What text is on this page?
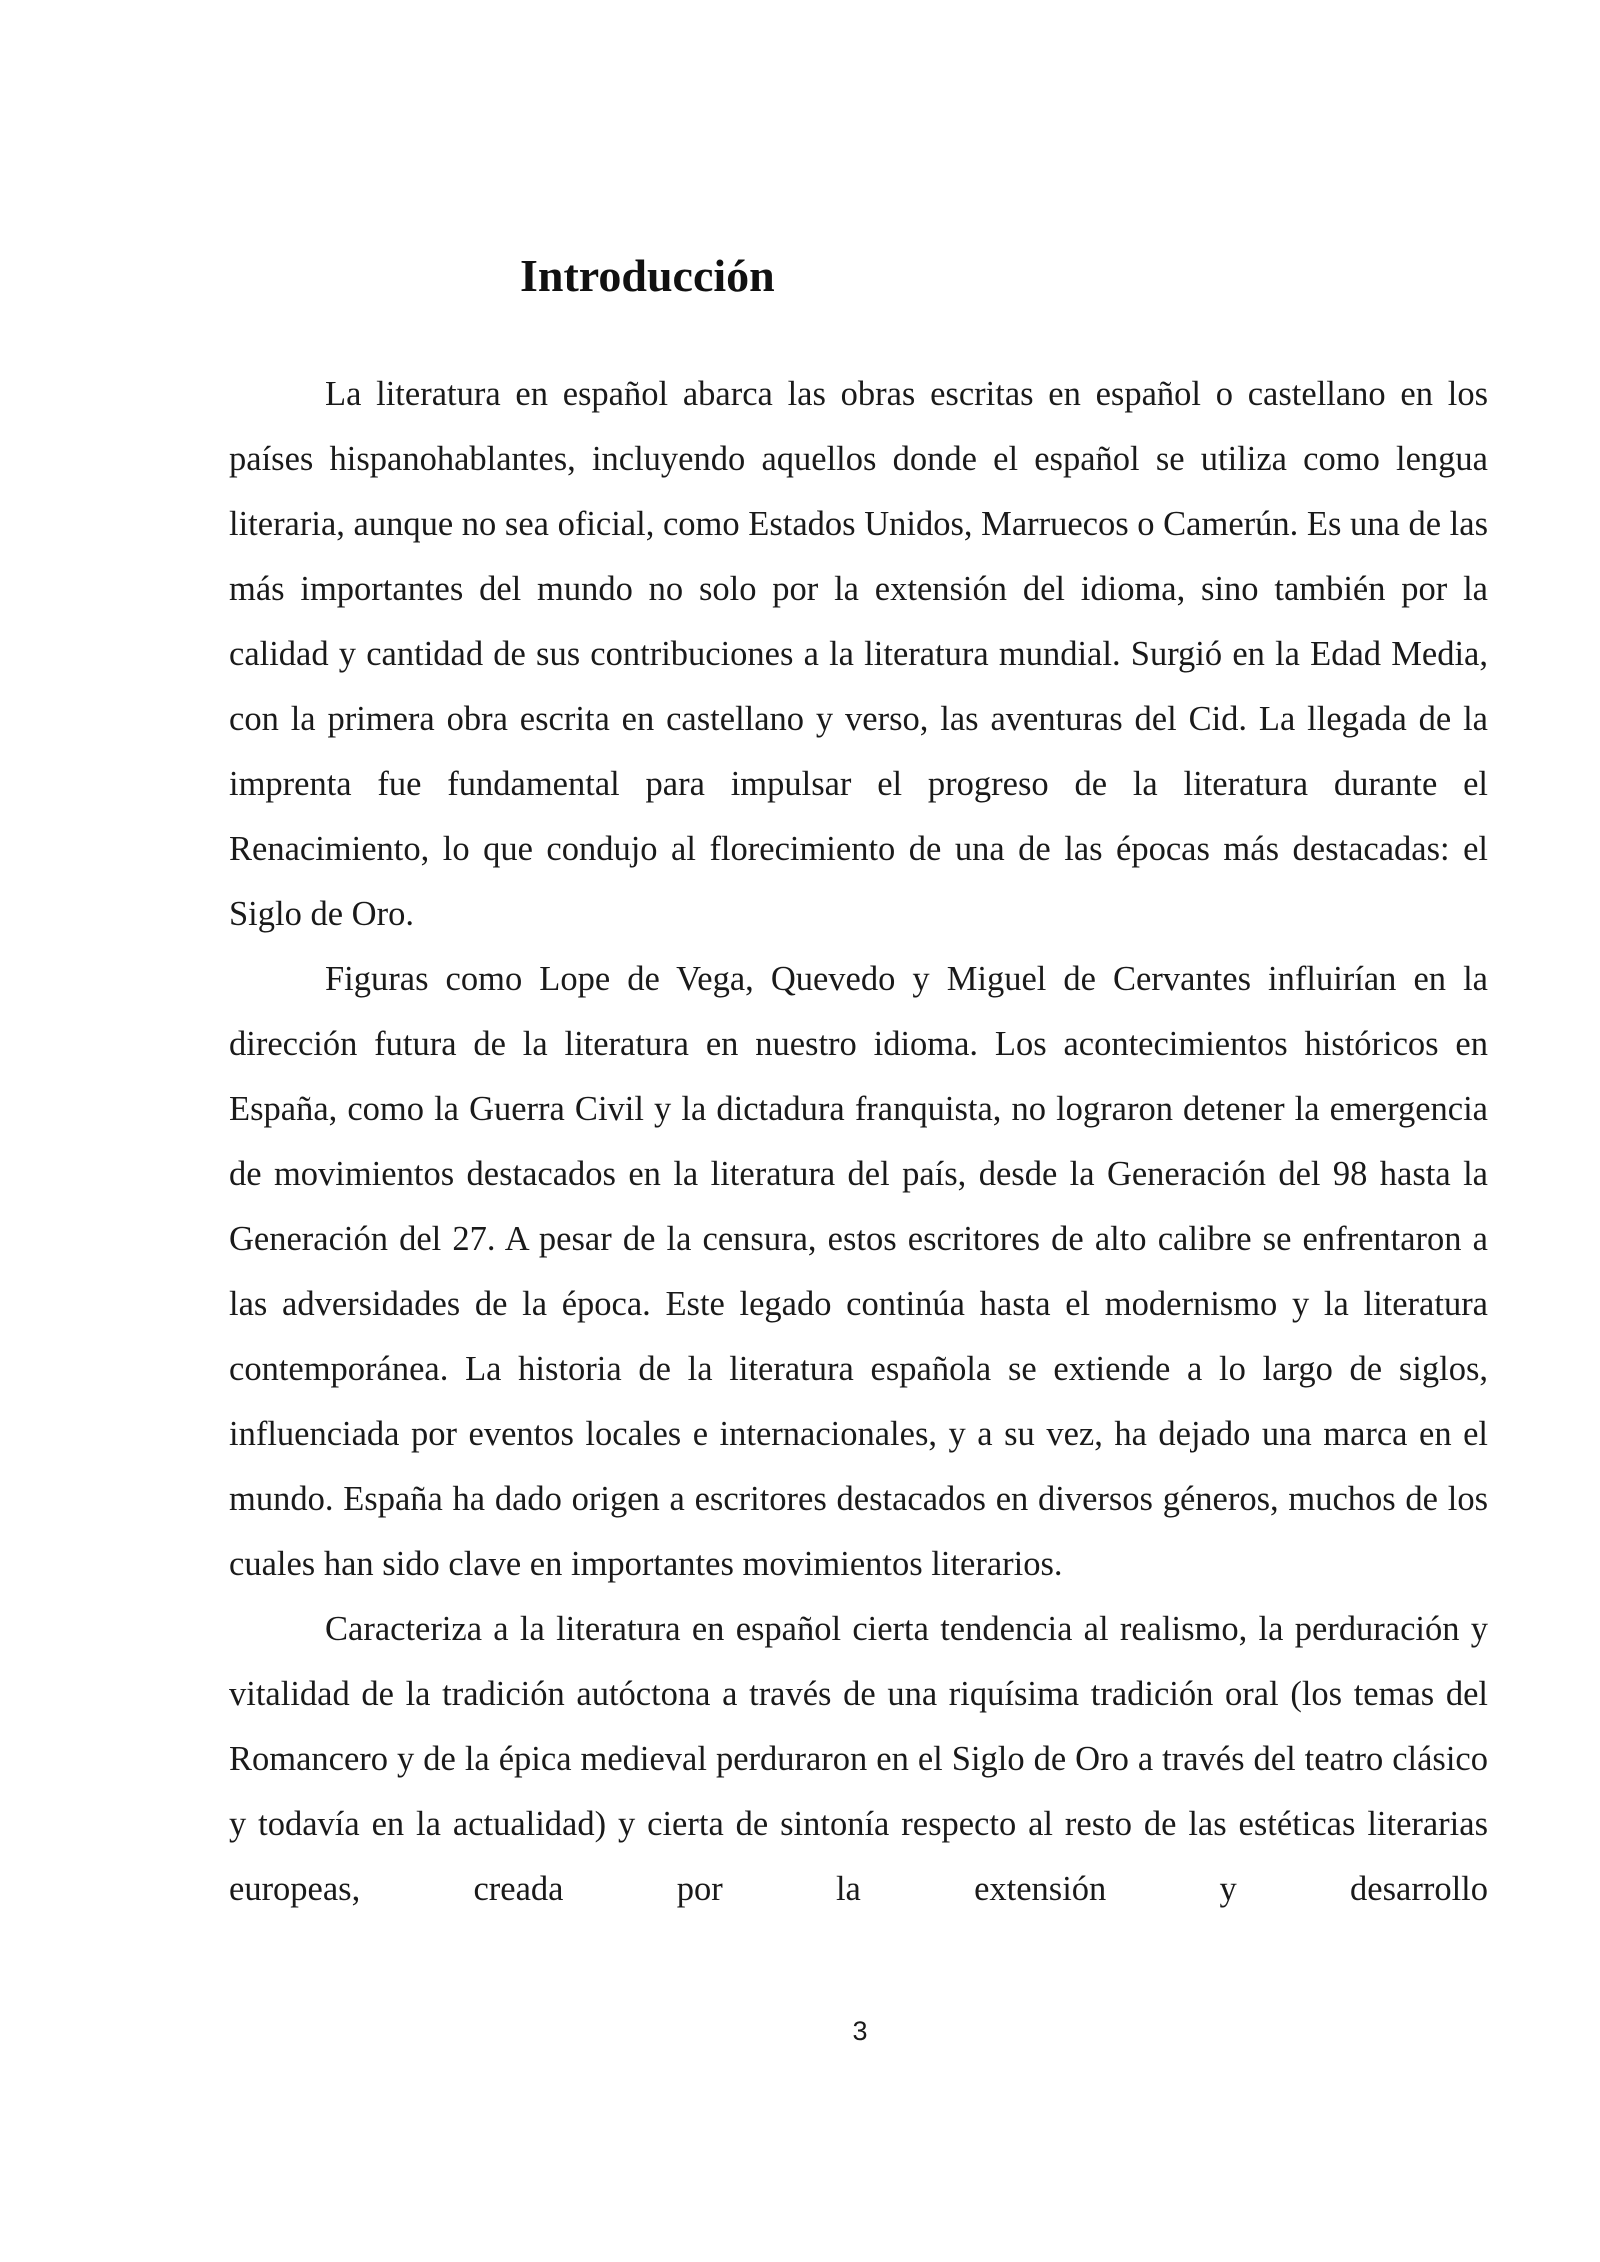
Introducción

La literatura en español abarca las obras escritas en español o castellano en los países hispanohablantes, incluyendo aquellos donde el español se utiliza como lengua literaria, aunque no sea oficial, como Estados Unidos, Marruecos o Camerún. Es una de las más importantes del mundo no solo por la extensión del idioma, sino también por la calidad y cantidad de sus contribuciones a la literatura mundial. Surgió en la Edad Media, con la primera obra escrita en castellano y verso, las aventuras del Cid. La llegada de la imprenta fue fundamental para impulsar el progreso de la literatura durante el Renacimiento, lo que condujo al florecimiento de una de las épocas más destacadas: el Siglo de Oro.

Figuras como Lope de Vega, Quevedo y Miguel de Cervantes influirían en la dirección futura de la literatura en nuestro idioma. Los acontecimientos históricos en España, como la Guerra Civil y la dictadura franquista, no lograron detener la emergencia de movimientos destacados en la literatura del país, desde la Generación del 98 hasta la Generación del 27. A pesar de la censura, estos escritores de alto calibre se enfrentaron a las adversidades de la época. Este legado continúa hasta el modernismo y la literatura contemporánea. La historia de la literatura española se extiende a lo largo de siglos, influenciada por eventos locales e internacionales, y a su vez, ha dejado una marca en el mundo. España ha dado origen a escritores destacados en diversos géneros, muchos de los cuales han sido clave en importantes movimientos literarios.

Caracteriza a la literatura en español cierta tendencia al realismo, la perduración y vitalidad de la tradición autóctona a través de una riquísima tradición oral (los temas del Romancero y de la épica medieval perduraron en el Siglo de Oro a través del teatro clásico y todavía en la actualidad) y cierta de sintonía respecto al resto de las estéticas literarias europeas, creada por la extensión y desarrollo

3
